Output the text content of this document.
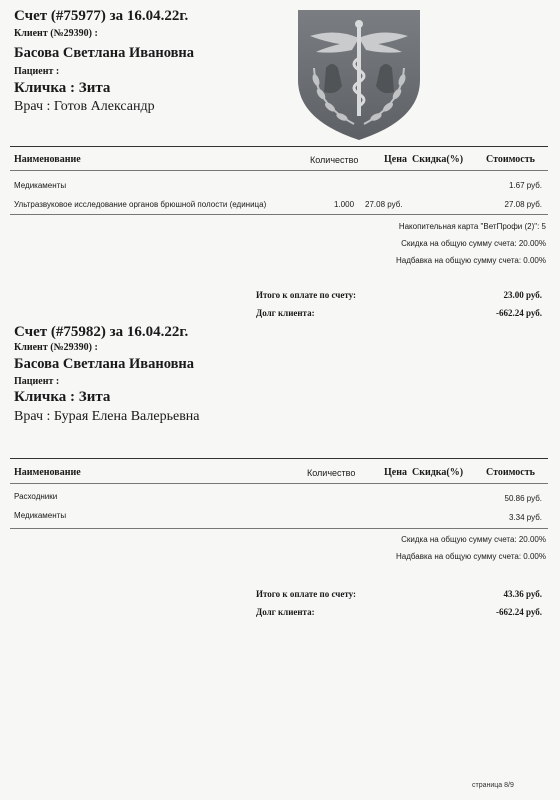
Счет (#75977) за 16.04.22г.
Клиент (№29390) :
Басова Светлана Ивановна
Пациент :
Кличка : Зита
Врач : Готов Александр
Наименование	Количество	Цена Скидка(%) Стоимость
Медикаменты	1.67 руб.
Ультразвуковое исследование органов брюшной полости (единица)	1.000 27.08 руб.	27.08 руб.
Накопительная карта "ВетПрофи (2)": 5
Скидка на общую сумму счета: 20.00%
Надбавка на общую сумму счета: 0.00%
Итого к оплате по счету:	23.00 руб.
Долг клиента:	-662.24 руб.
Счет (#75982) за 16.04.22г.
Клиент (№29390) :
Басова Светлана Ивановна
Пациент :
Кличка : Зита
Врач : Бурая Елена Валерьевна
Наименование	Количество	Цена Скидка(%) Стоимость
Расходники	50.86 руб.
Медикаменты	3.34 руб.
Скидка на общую сумму счета: 20.00%
Надбавка на общую сумму счета: 0.00%
Итого к оплате по счету:	43.36 руб.
Долг клиента:	-662.24 руб.
страница 8/9
